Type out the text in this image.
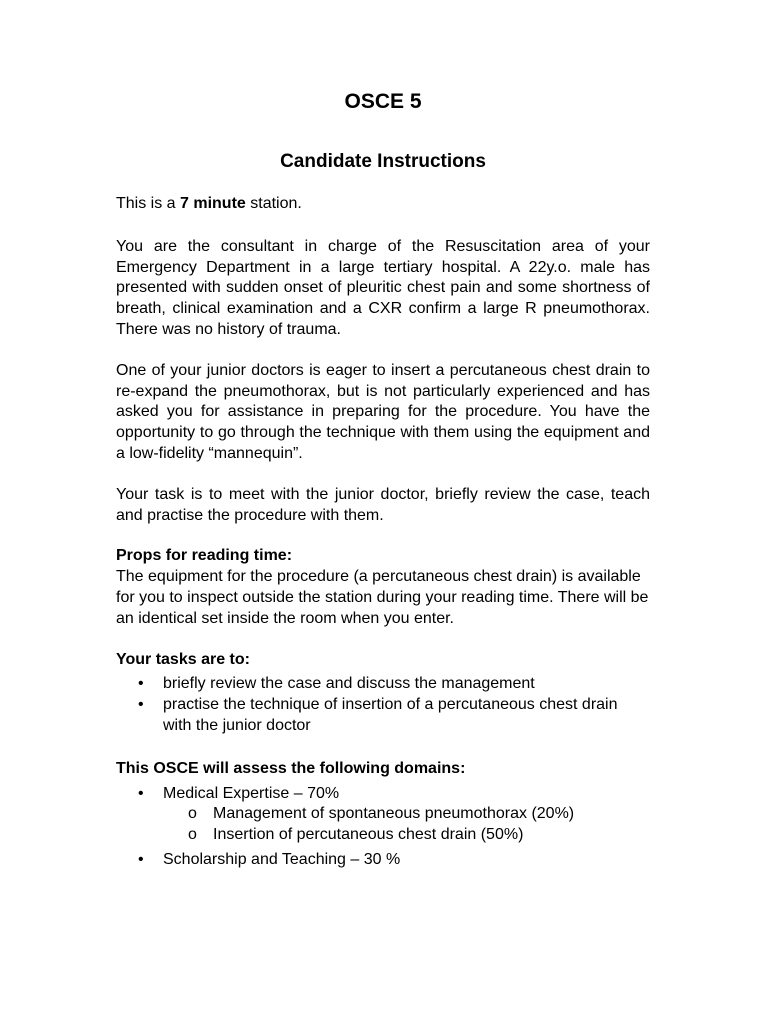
OSCE 5
Candidate Instructions

This is a 7 minute station.

You are the consultant in charge of the Resuscitation area of your Emergency Department in a large tertiary hospital. A 22y.o. male has presented with sudden onset of pleuritic chest pain and some shortness of breath, clinical examination and a CXR confirm a large R pneumothorax. There was no history of trauma.

One of your junior doctors is eager to insert a percutaneous chest drain to re-expand the pneumothorax, but is not particularly experienced and has asked you for assistance in preparing for the procedure. You have the opportunity to go through the technique with them using the equipment and a low-fidelity “mannequin”.

Your task is to meet with the junior doctor, briefly review the case, teach and practise the procedure with them.

Props for reading time:

The equipment for the procedure (a percutaneous chest drain) is available for you to inspect outside the station during your reading time. There will be an identical set inside the room when you enter.

Your tasks are to:

• briefly review the case and discuss the management
• practise the technique of insertion of a percutaneous chest drain with the junior doctor

This OSCE will assess the following domains:

• Medical Expertise – 70%
o Management of spontaneous pneumothorax (20%)
o Insertion of percutaneous chest drain (50%)
• Scholarship and Teaching – 30 %
